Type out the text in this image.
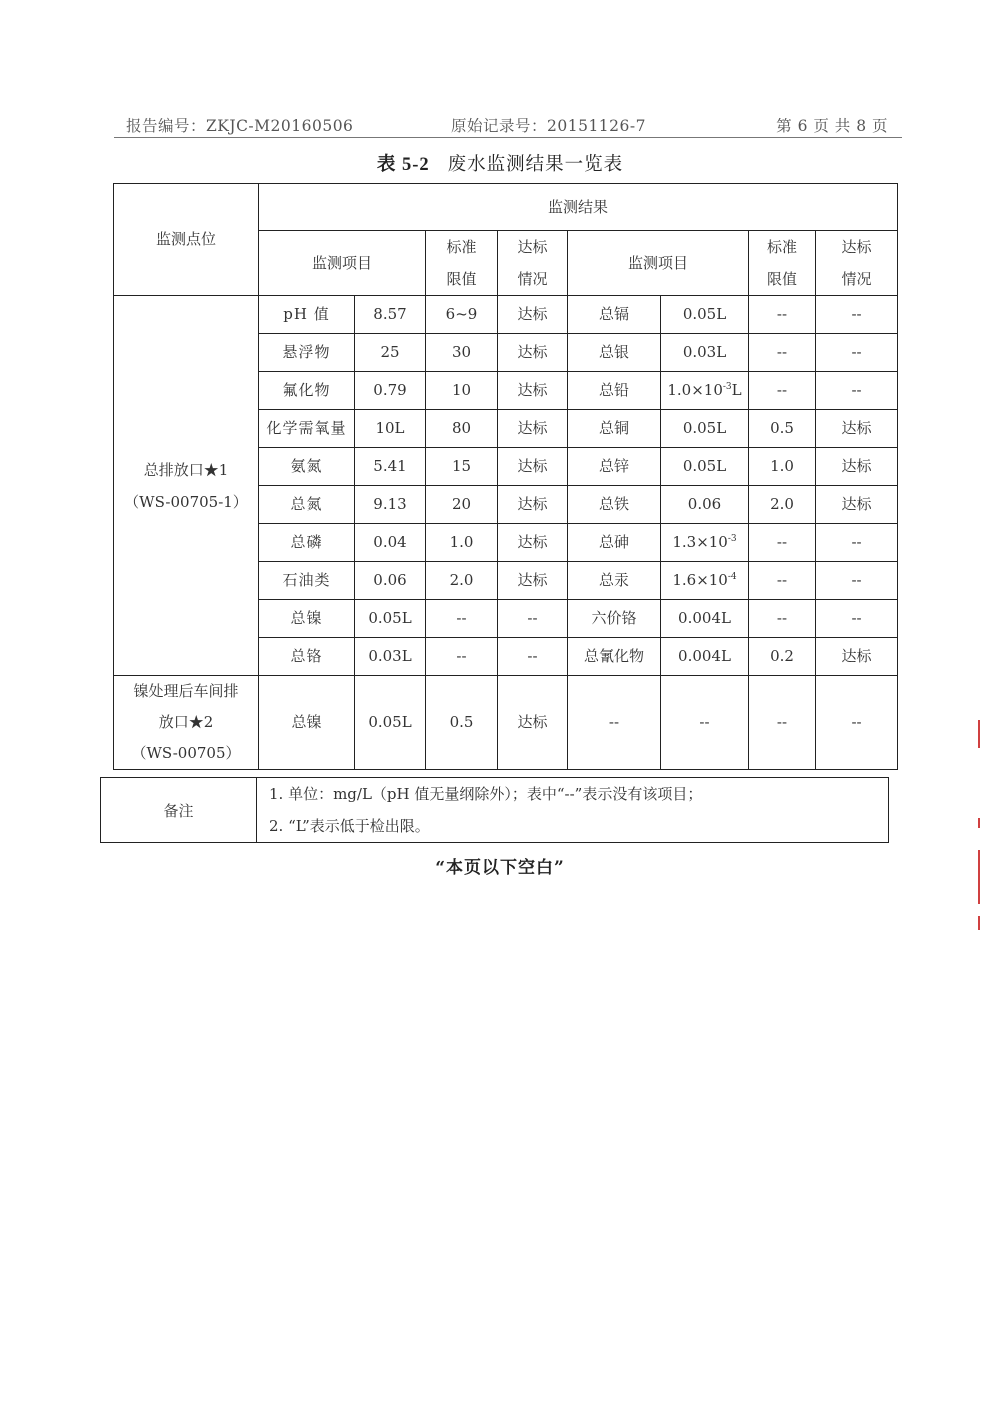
报告编号：ZKJC-M20160506	原始记录号：20151126-7	第 6 页 共 8 页
表 5-2 废水监测结果一览表
监测点位	监测结果							
	监测项目		标准限值	达标情况	监测项目		标准限值	达标情况

总排放口★1
（WS-00705-1）	pH 值	8.57	6~9	达标	总镉	0.05L	--	--
	悬浮物	25	30	达标	总银	0.03L	--	--
	氟化物	0.79	10	达标	总铅	$1.0\times 10^{-3}L$	--	--
	化学需氧量	10L	80	达标	总铜	0.05L	0.5	达标
	氨氮	5.41	15	达标	总锌	0.05L	1.0	达标
	总氮	9.13	20	达标	总铁	0.06	2.0	达标
	总磷	0.04	1.0	达标	总砷	$1.3\times 10^{-3}$	--	--
	石油类	0.06	2.0	达标	总汞	$1.6\times 10^{-4}$	--	--
	总镍	0.05L	--	--	六价铬	0.004L	--	--
	总铬	0.03L	--	--	总氰化物	0.004L	0.2	达标

镍处理后车间排
放口★2
（WS-00705）	总镍	0.05L	0.5	达标	--	--	--	--
备注	
1. 单位：mg/L（pH 值无量纲除外）；表中“--”表示没有该项目；
2. “L”表示低于检出限。
“本页以下空白”
